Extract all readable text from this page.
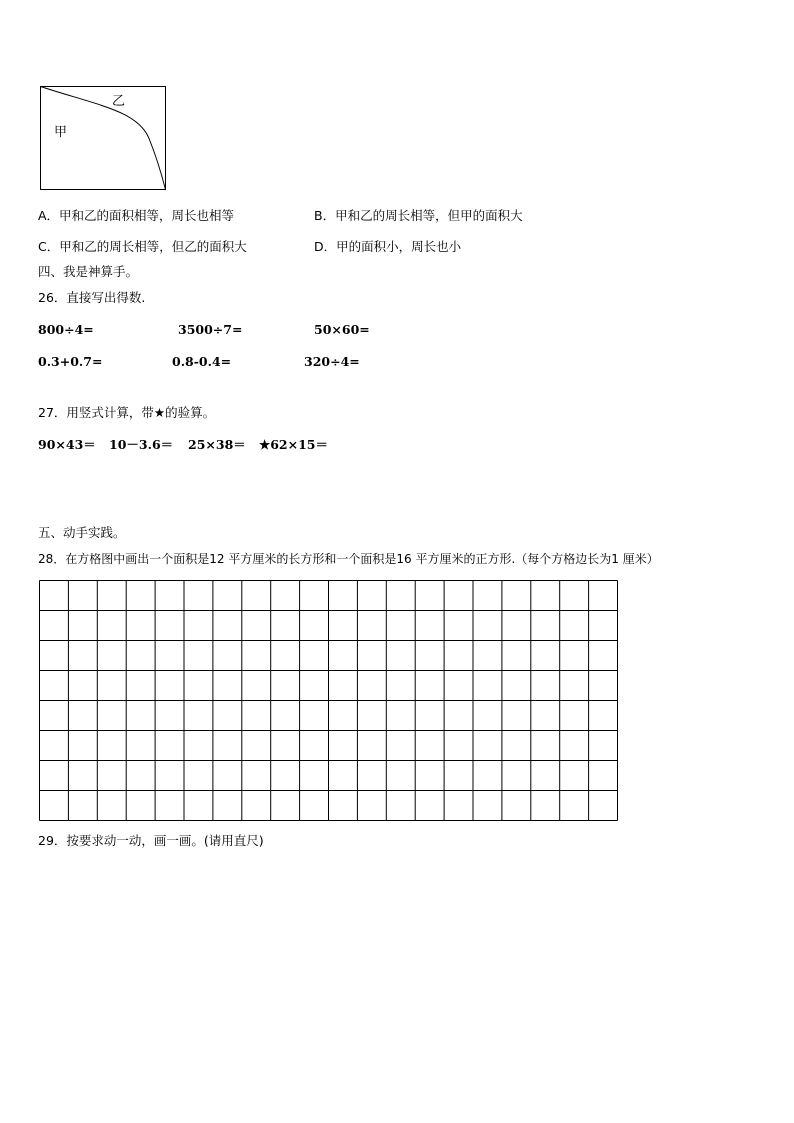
乙
甲
A．甲和乙的面积相等，周长也相等	B．甲和乙的周长相等，但甲的面积大
C．甲和乙的周长相等，但乙的面积大	D．甲的面积小，周长也小
四、我是神算手。
26．直接写出得数.
800÷4=	3500÷7=	50×60=
0.3+0.7=	0.8-0.4=	320÷4=
27．用竖式计算，带★的验算。
90×43＝ 10－3.6＝ 25×38＝ ★62×15＝
五、动手实践。
28．在方格图中画出一个面积是12 平方厘米的长方形和一个面积是16 平方厘米的正方形.（每个方格边长为1 厘米）
29．按要求动一动，画一画。(请用直尺)
